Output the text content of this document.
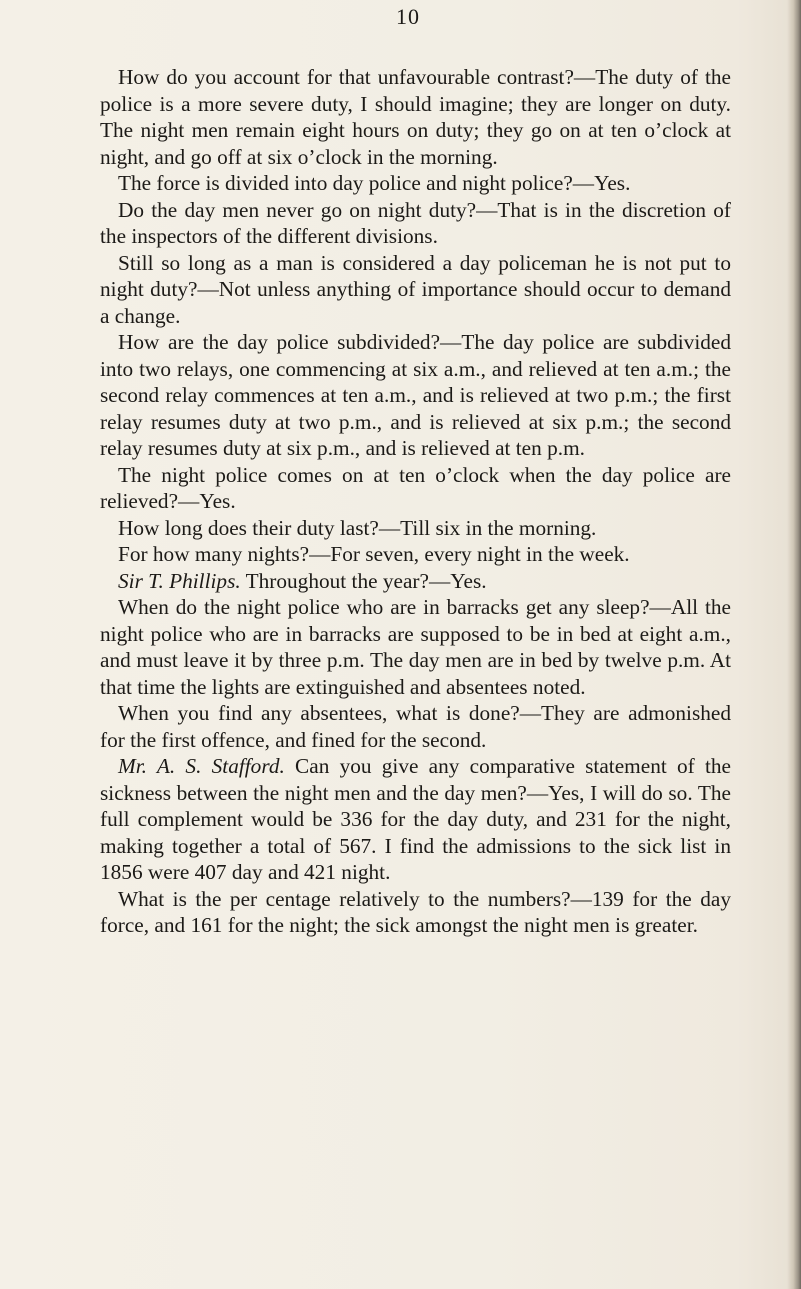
10

How do you account for that unfavourable contrast?—The duty of the police is a more severe duty, I should imagine; they are longer on duty. The night men remain eight hours on duty; they go on at ten o’clock at night, and go off at six o’clock in the morning.

The force is divided into day police and night police?—Yes.

Do the day men never go on night duty?—That is in the discretion of the inspectors of the different divisions.

Still so long as a man is considered a day policeman he is not put to night duty?—Not unless anything of importance should occur to demand a change.

How are the day police subdivided?—The day police are subdivided into two relays, one commencing at six a.m., and relieved at ten a.m.; the second relay commences at ten a.m., and is relieved at two p.m.; the first relay resumes duty at two p.m., and is relieved at six p.m.; the second relay resumes duty at six p.m., and is relieved at ten p.m.

The night police comes on at ten o’clock when the day police are relieved?—Yes.

How long does their duty last?—Till six in the morning.

For how many nights?—For seven, every night in the week.

Sir T. Phillips. Throughout the year?—Yes.

When do the night police who are in barracks get any sleep?—All the night police who are in barracks are supposed to be in bed at eight a.m., and must leave it by three p.m. The day men are in bed by twelve p.m. At that time the lights are extinguished and absentees noted.

When you find any absentees, what is done?—They are admonished for the first offence, and fined for the second.

Mr. A. S. Stafford. Can you give any comparative statement of the sickness between the night men and the day men?—Yes, I will do so. The full complement would be 336 for the day duty, and 231 for the night, making together a total of 567. I find the admissions to the sick list in 1856 were 407 day and 421 night.

What is the per centage relatively to the numbers?—139 for the day force, and 161 for the night; the sick amongst the night men is greater.
